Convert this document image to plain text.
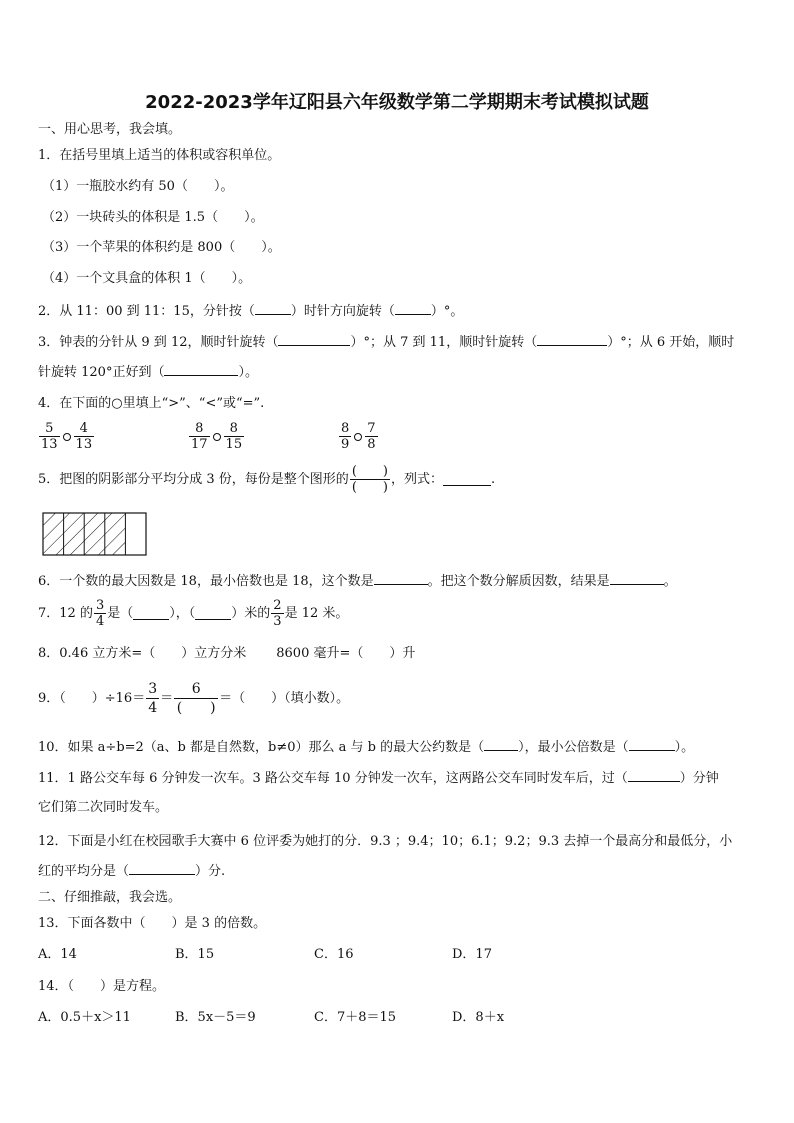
2022-2023学年辽阳县六年级数学第二学期期末考试模拟试题
一、用心思考，我会填。
1．在括号里填上适当的体积或容积单位。
（1）一瓶胶水约有 50（　　）。
（2）一块砖头的体积是 1.5（　　）。
（3）一个苹果的体积约是 800（　　）。
（4）一个文具盒的体积 1（　　）。
2．从 11：00 到 11：15，分针按（	）时针方向旋转（	）°。
3．钟表的分针从 9 到 12，顺时针旋转（	）°；从 7 到 11，顺时针旋转（	）°；从 6 开始，顺时
针旋转 120°正好到（	）。
4．在下面的○里填上“>”、“<”或“=”.
$\frac{5}{13} \frac{4}{13}$	$\frac{8}{17} \frac{8}{15}$	$\frac{8}{9} \frac{7}{8}$
5．把图的阴影部分平均分成 3 份，每份是整个图形的 $\frac{( )}{( )}$ ，列式：	.
6．一个数的最大因数是 18，最小倍数也是 18，这个数是	。把这个数分解质因数，结果是	。
7．12 的 $\frac{3}{4}$ 是（	），（	）米的 $\frac{2}{3}$ 是 12 米。
8．0.46 立方米=（　　）立方分米 8600 毫升=（　　）升
9．（　　）$\div 16= \frac{3}{4} = \frac{6}{( )}$ ＝（　　）（填小数）。
10．如果 a÷b=2（a、b 都是自然数，b≠0）那么 a 与 b 的最大公约数是（	），最小公倍数是（	）。
11．1 路公交车每 6 分钟发一次车。3 路公交车每 10 分钟发一次车，这两路公交车同时发车后，过（	）分钟
它们第二次同时发车。
12．下面是小红在校园歌手大赛中 6 位评委为她打的分．9.3 ；9.4；10；6.1；9.2；9.3 去掉一个最高分和最低分，小
红的平均分是（	）分.
二、仔细推敲，我会选。
13．下面各数中（　　）是 3 的倍数。
A．14	B．15	C．16	D．17
14．（　　）是方程。
A．0.5＋x＞11	B．5x－5＝9	C．7＋8＝15	D．8＋x
